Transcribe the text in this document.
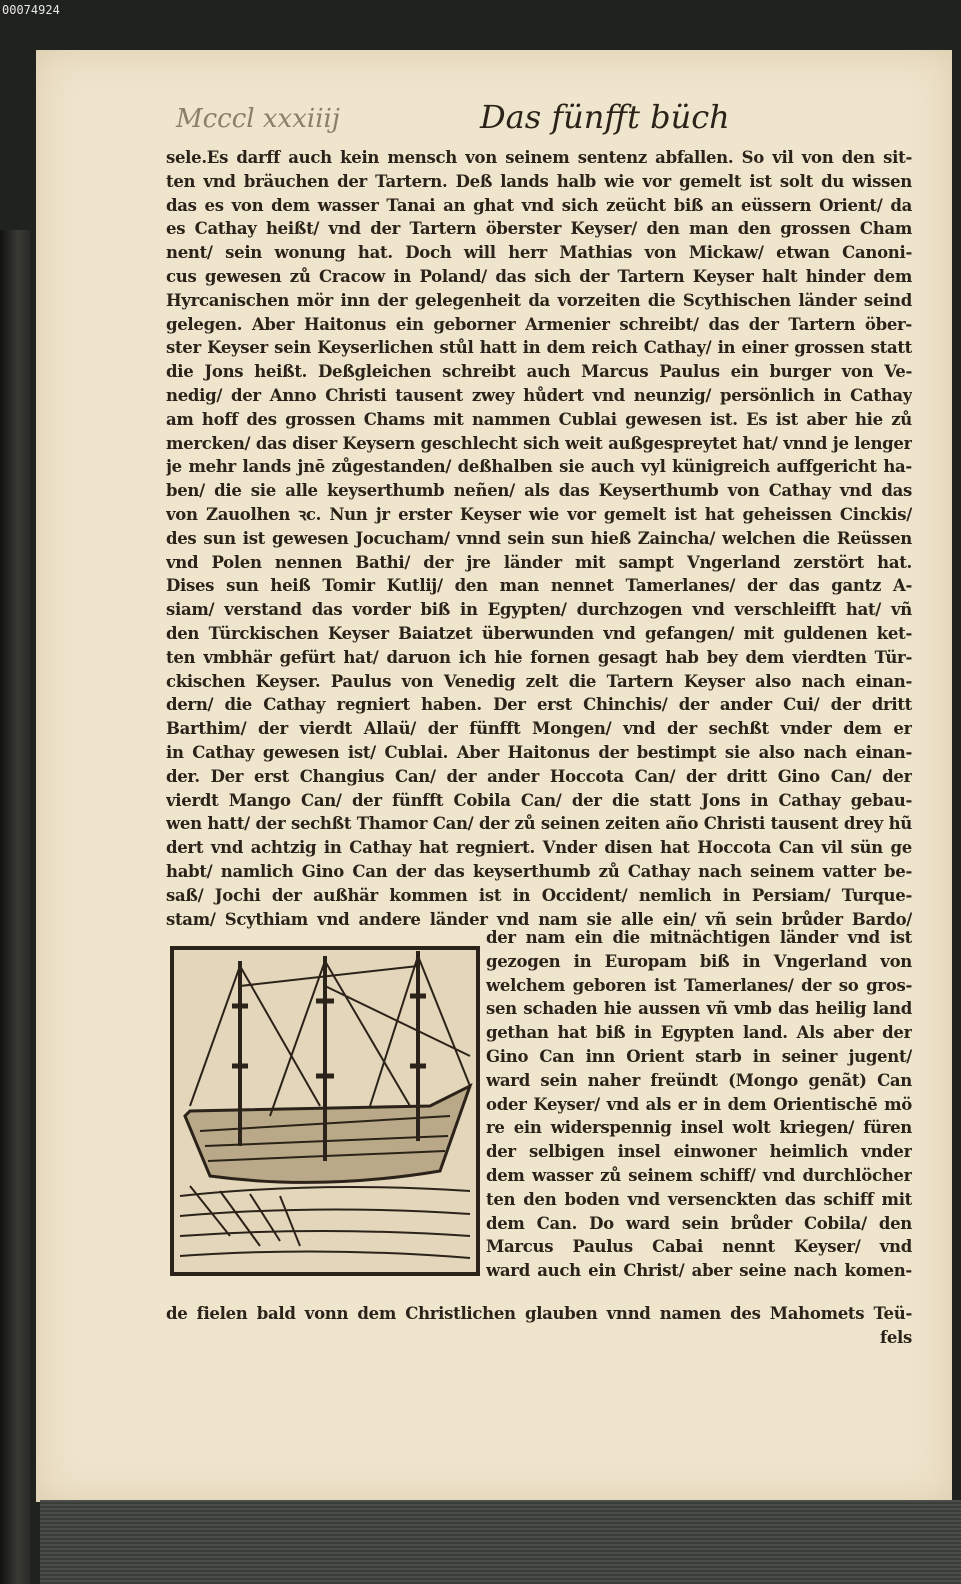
00074924
Mcccl xxxiiij	Das fünfft büch
sele.Es darff auch kein mensch von seinem sentenz abfallen. So vil von den sit-
ten vnd bräuchen der Tartern. Deß lands halb wie vor gemelt ist solt du wissen
das es von dem wasser Tanai an ghat vnd sich zeücht biß an eüssern Orient/ da
es Cathay heißt/ vnd der Tartern öberster Keyser/ den man den grossen Cham
nent/ sein wonung hat. Doch will herr Mathias von Mickaw/ etwan Canoni-
cus gewesen zů Cracow in Poland/ das sich der Tartern Keyser halt hinder dem
Hyrcanischen mör inn der gelegenheit da vorzeiten die Scythischen länder seind
gelegen. Aber Haitonus ein geborner Armenier schreibt/ das der Tartern öber-
ster Keyser sein Keyserlichen stůl hatt in dem reich Cathay/ in einer grossen statt
die Jons heißt. Deßgleichen schreibt auch Marcus Paulus ein burger von Ve-
nedig/ der Anno Christi tausent zwey hůdert vnd neunzig/ persönlich in Cathay
am hoff des grossen Chams mit nammen Cublai gewesen ist. Es ist aber hie zů
mercken/ das diser Keysern geschlecht sich weit außgespreytet hat/ vnnd je lenger
je mehr lands jnē zůgestanden/ deßhalben sie auch vyl künigreich auffgericht ha-
ben/ die sie alle keyserthumb neñen/ als das Keyserthumb von Cathay vnd das
von Zauolhen ꝛc. Nun jr erster Keyser wie vor gemelt ist hat geheissen Cinckis/
des sun ist gewesen Jocucham/ vnnd sein sun hieß Zaincha/ welchen die Reüssen
vnd Polen nennen Bathi/ der jre länder mit sampt Vngerland zerstört hat.
Dises sun heiß Tomir Kutlij/ den man nennet Tamerlanes/ der das gantz A-
siam/ verstand das vorder biß in Egypten/ durchzogen vnd verschleifft hat/ vñ
den Türckischen Keyser Baiatzet überwunden vnd gefangen/ mit guldenen ket-
ten vmbhär gefürt hat/ daruon ich hie fornen gesagt hab bey dem vierdten Tür-
ckischen Keyser. Paulus von Venedig zelt die Tartern Keyser also nach einan-
dern/ die Cathay regniert haben. Der erst Chinchis/ der ander Cui/ der dritt
Barthim/ der vierdt Allaü/ der fünfft Mongen/ vnd der sechßt vnder dem er
in Cathay gewesen ist/ Cublai. Aber Haitonus der bestimpt sie also nach einan-
der. Der erst Changius Can/ der ander Hoccota Can/ der dritt Gino Can/ der
vierdt Mango Can/ der fünfft Cobila Can/ der die statt Jons in Cathay gebau-
wen hatt/ der sechßt Thamor Can/ der zů seinen zeiten año Christi tausent drey hũ
dert vnd achtzig in Cathay hat regniert. Vnder disen hat Hoccota Can vil sün ge
habt/ namlich Gino Can der das keyserthumb zů Cathay nach seinem vatter be-
saß/ Jochi der außhär kommen ist in Occident/ nemlich in Persiam/ Turque-
stam/ Scythiam vnd andere länder vnd nam sie alle ein/ vñ sein brůder Bardo/
der nam ein die mitnächtigen länder vnd ist
gezogen in Europam biß in Vngerland von
welchem geboren ist Tamerlanes/ der so gros-
sen schaden hie aussen vñ vmb das heilig land
gethan hat biß in Egypten land. Als aber der
Gino Can inn Orient starb in seiner jugent/
ward sein naher freündt (Mongo genãt) Can
oder Keyser/ vnd als er in dem Orientischē mö
re ein widerspennig insel wolt kriegen/ füren
der selbigen insel einwoner heimlich vnder
dem wasser zů seinem schiff/ vnd durchlöcher
ten den boden vnd versenckten das schiff mit
dem Can. Do ward sein brůder Cobila/ den
Marcus Paulus Cabai nennt Keyser/ vnd
ward auch ein Christ/ aber seine nach komen-
de fielen bald vonn dem Christlichen glauben vnnd namen des Mahomets Teü-
fels
